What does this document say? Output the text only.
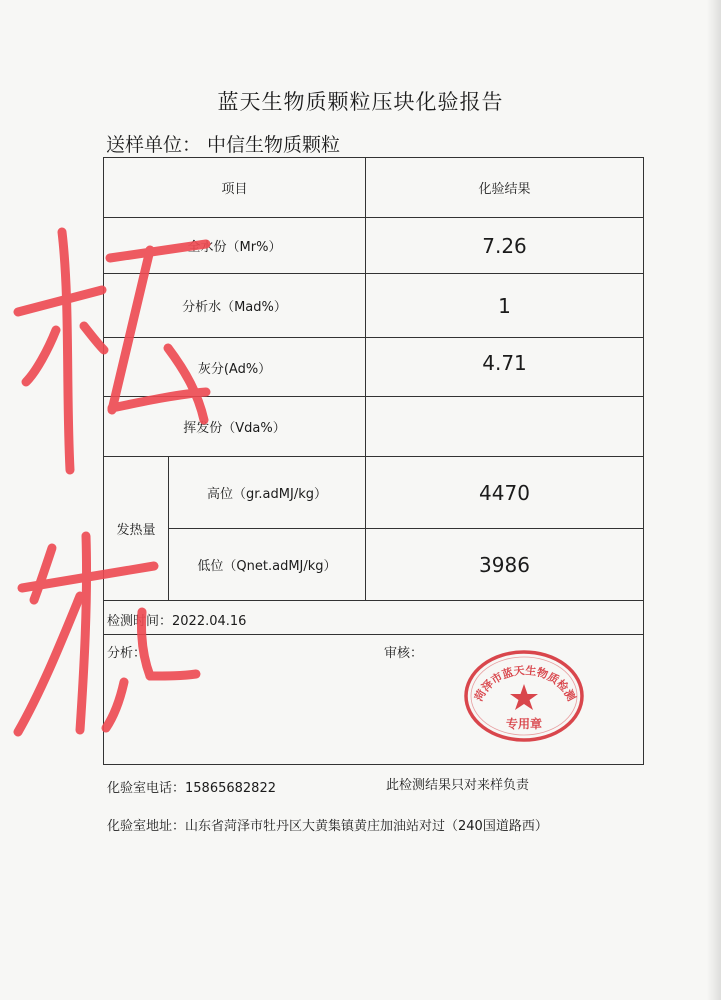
蓝天生物质颗粒压块化验报告
送样单位： 中信生物质颗粒
项目	化验结果
全水份（Mr%）	7.26
分析水（Mad%）	1
灰分(Ad%）	4.71
挥发份（Vda%）
发热量
高位（gr.adMJ/kg）	4470
低位（Qnet.adMJ/kg）	3986
检测时间：2022.04.16
分析：	审核：
菏泽市蓝天生物质检测
专用章
化验室电话：15865682822	此检测结果只对来样负责
化验室地址：山东省菏泽市牡丹区大黄集镇黄庄加油站对过（240国道路西）
